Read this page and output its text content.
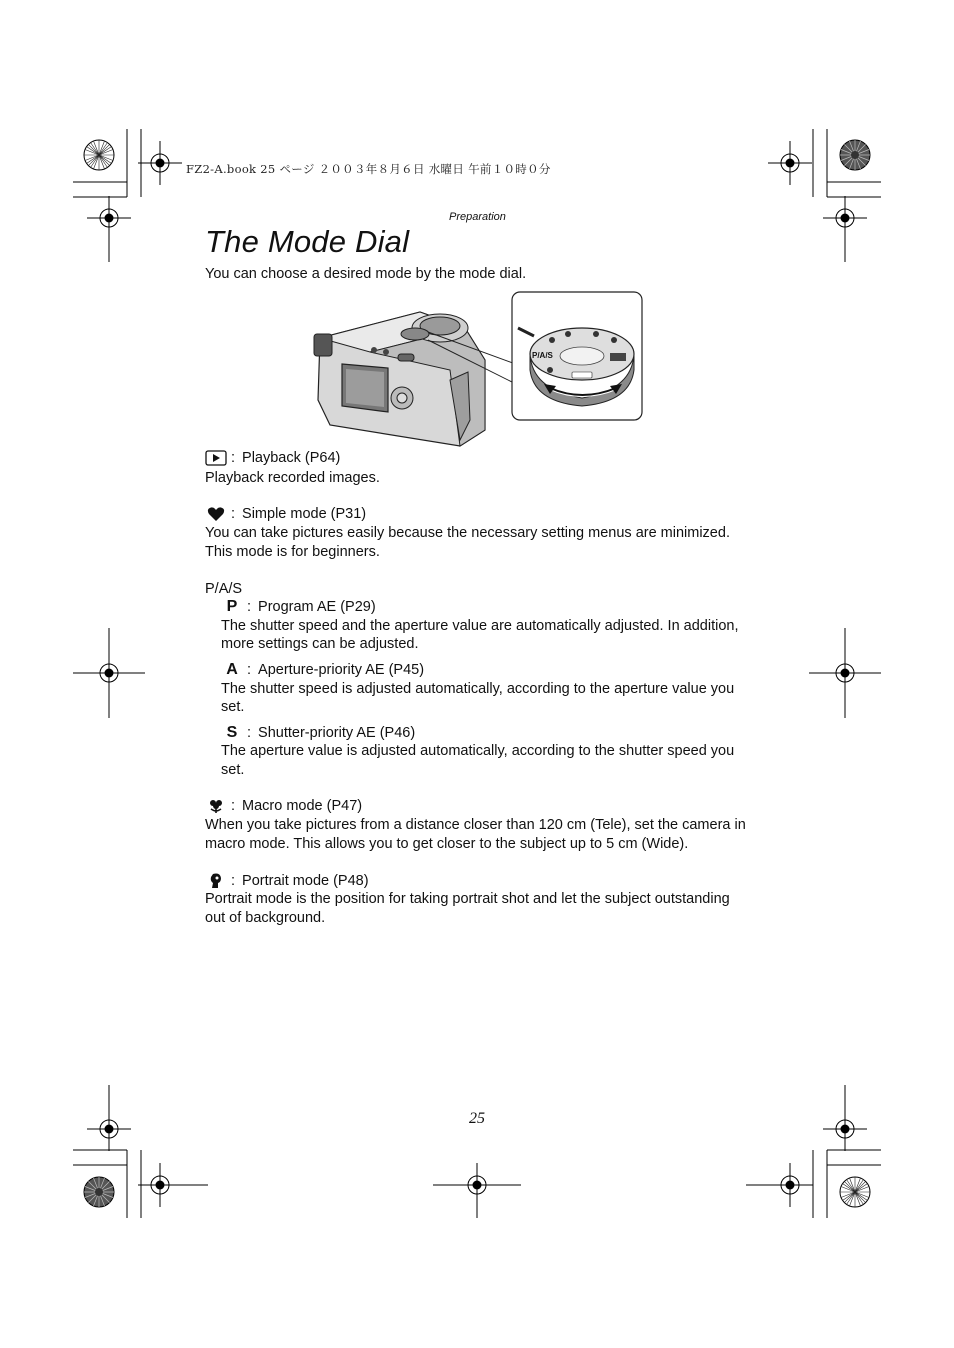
FZ2-A.book 25 ページ ２００３年８月６日 水曜日 午前１０時０分
Preparation
The Mode Dial
You can choose a desired mode by the mode dial.
P/A/S
: Playback (P64)
Playback recorded images.
: Simple mode (P31)
You can take pictures easily because the necessary setting menus are minimized.
This mode is for beginners.
P/A/S
P : Program AE (P29)
The shutter speed and the aperture value are automatically adjusted. In addition,
more settings can be adjusted.
A : Aperture-priority AE (P45)
The shutter speed is adjusted automatically, according to the aperture value you
set.
S : Shutter-priority AE (P46)
The aperture value is adjusted automatically, according to the shutter speed you
set.
: Macro mode (P47)
When you take pictures from a distance closer than 120 cm (Tele), set the camera in
macro mode. This allows you to get closer to the subject up to 5 cm (Wide).
: Portrait mode (P48)
Portrait mode is the position for taking portrait shot and let the subject outstanding
out of background.
25
